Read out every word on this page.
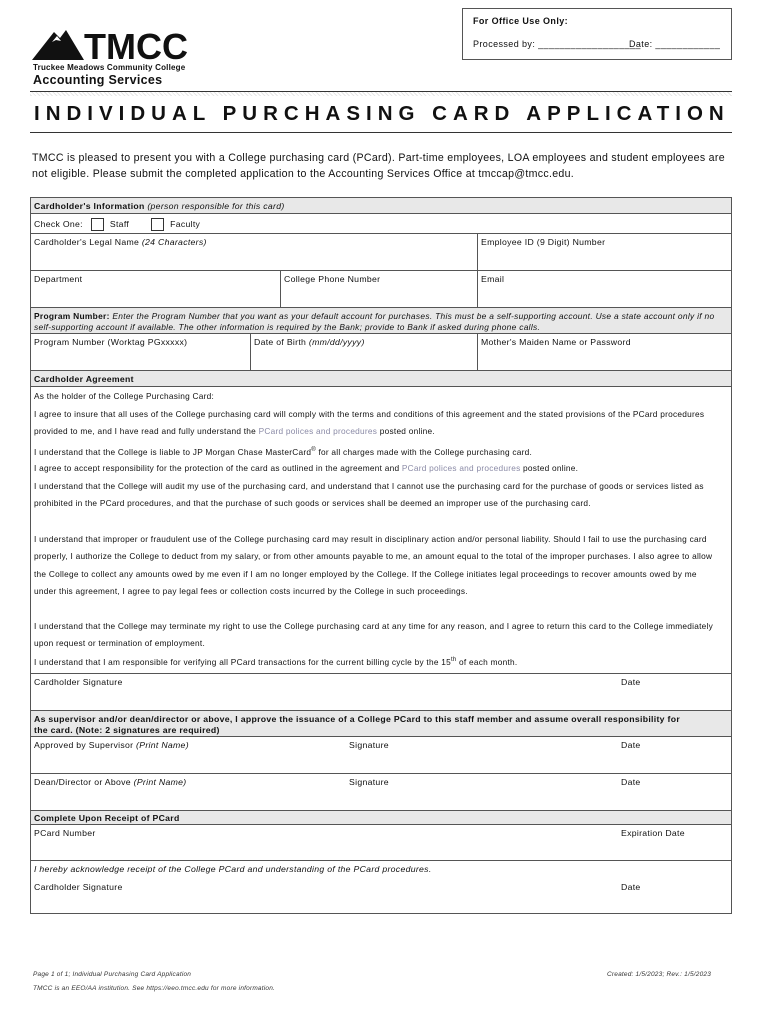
TMCC
Truckee Meadows Community College
Accounting Services
For Office Use Only:
Processed by: ___________________
Date: ____________
INDIVIDUAL PURCHASING CARD APPLICATION
TMCC is pleased to present you with a College purchasing card (PCard). Part-time employees, LOA employees and student employees are not eligible. Please submit the completed application to the Accounting Services Office at tmccap@tmcc.edu.
Cardholder's Information (person responsible for this card)
Check One:	Staff	Faculty
Cardholder's Legal Name (24 Characters)	Employee ID (9 Digit) Number
Department	College Phone Number	Email
Program Number: Enter the Program Number that you want as your default account for purchases. This must be a self-supporting account. Use a state account only if no self-supporting account if available. The other information is required by the Bank; provide to Bank if asked during phone calls.
Program Number (Worktag PGxxxxx)	Date of Birth (mm/dd/yyyy)	Mother's Maiden Name or Password
Cardholder Agreement
As the holder of the College Purchasing Card:
I agree to insure that all uses of the College purchasing card will comply with the terms and conditions of this agreement and the stated provisions of the PCard procedures provided to me, and I have read and fully understand the PCard polices and procedures posted online.
I understand that the College is liable to JP Morgan Chase MasterCard® for all charges made with the College purchasing card.
I agree to accept responsibility for the protection of the card as outlined in the agreement and PCard polices and procedures posted online.
I understand that the College will audit my use of the purchasing card, and understand that I cannot use the purchasing card for the purchase of goods or services listed as prohibited in the PCard procedures, and that the purchase of such goods or services shall be deemed an improper use of the purchasing card.
I understand that improper or fraudulent use of the College purchasing card may result in disciplinary action and/or personal liability. Should I fail to use the purchasing card properly, I authorize the College to deduct from my salary, or from other amounts payable to me, an amount equal to the total of the improper purchases. I also agree to allow the College to collect any amounts owed by me even if I am no longer employed by the College. If the College initiates legal proceedings to recover amounts owed by me under this agreement, I agree to pay legal fees or collection costs incurred by the College in such proceedings.
I understand that the College may terminate my right to use the College purchasing card at any time for any reason, and I agree to return this card to the College immediately upon request or termination of employment.
I understand that I am responsible for verifying all PCard transactions for the current billing cycle by the 15th of each month.
Cardholder Signature	Date
As supervisor and/or dean/director or above, I approve the issuance of a College PCard to this staff member and assume overall responsibility for the card. (Note: 2 signatures are required)
Approved by Supervisor (Print Name)	Signature	Date
Dean/Director or Above (Print Name)	Signature	Date
Complete Upon Receipt of PCard
PCard Number	Expiration Date
I hereby acknowledge receipt of the College PCard and understanding of the PCard procedures.
Cardholder Signature	Date
Page 1 of 1; Individual Purchasing Card Application	Created: 1/5/2023; Rev.: 1/5/2023
TMCC is an EEO/AA institution. See https://eeo.tmcc.edu for more information.
